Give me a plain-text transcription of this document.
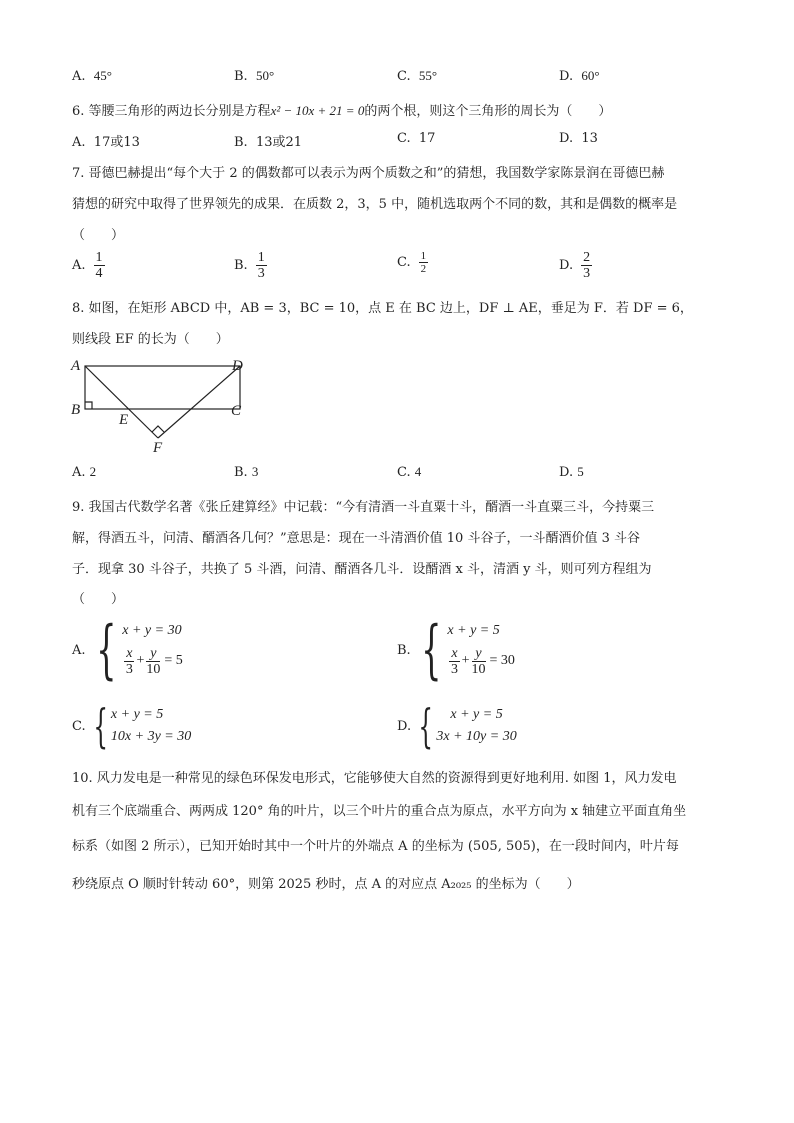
A. 45°	B. 50°	C. 55°	D. 60°
6. 等腰三角形的两边长分别是方程x² − 10x + 21 = 0的两个根，则这个三角形的周长为（　　）
A. 17或13	B. 13或21	C. 17	D. 13
7. 哥德巴赫提出“每个大于 2 的偶数都可以表示为两个质数之和”的猜想，我国数学家陈景润在哥德巴赫
猜想的研究中取得了世界领先的成果．在质数 2，3，5 中，随机选取两个不同的数，其和是偶数的概率是
（　　）
A. $\frac{1}{4}$	B. $\frac{1}{3}$	C. $\frac{1}{2}$	D. $\frac{2}{3}$
8. 如图，在矩形 ABCD 中，AB = 3，BC = 10，点 E 在 BC 边上，DF ⊥ AE，垂足为 F．若 DF = 6，
则线段 EF 的长为（　　）
A	D
B	C
E
F
A. 2	B. 3	C. 4	D. 5
9. 我国古代数学名著《张丘建算经》中记载：“今有清酒一斗直粟十斗，醑酒一斗直粟三斗，今持粟三
解，得酒五斗，问清、醑酒各几何？”意思是：现在一斗清酒价值 10 斗谷子，一斗醑酒价值 3 斗谷
子．现拿 30 斗谷子，共换了 5 斗酒，问清、醑酒各几斗．设醑酒 x 斗，清酒 y 斗，则可列方程组为
（　　）
A. { x + y = 30
$\frac{x}{3} + \frac{y}{10} = 5$
B. { x + y = 5
$\frac{x}{3} + \frac{y}{10} = 30$
C. { x + y = 5
10x + 3y = 30
D. {	x + y = 5
3x + 10y = 30
10. 风力发电是一种常见的绿色环保发电形式，它能够使大自然的资源得到更好地利用. 如图 1，风力发电
机有三个底端重合、两两成 120° 角的叶片，以三个叶片的重合点为原点，水平方向为 x 轴建立平面直角坐
标系（如图 2 所示），已知开始时其中一个叶片的外端点 A 的坐标为 (505, 505)，在一段时间内，叶片每
秒绕原点 O 顺时针转动 60°，则第 2025 秒时，点 A 的对应点 A₂₀₂₅ 的坐标为（　　）
